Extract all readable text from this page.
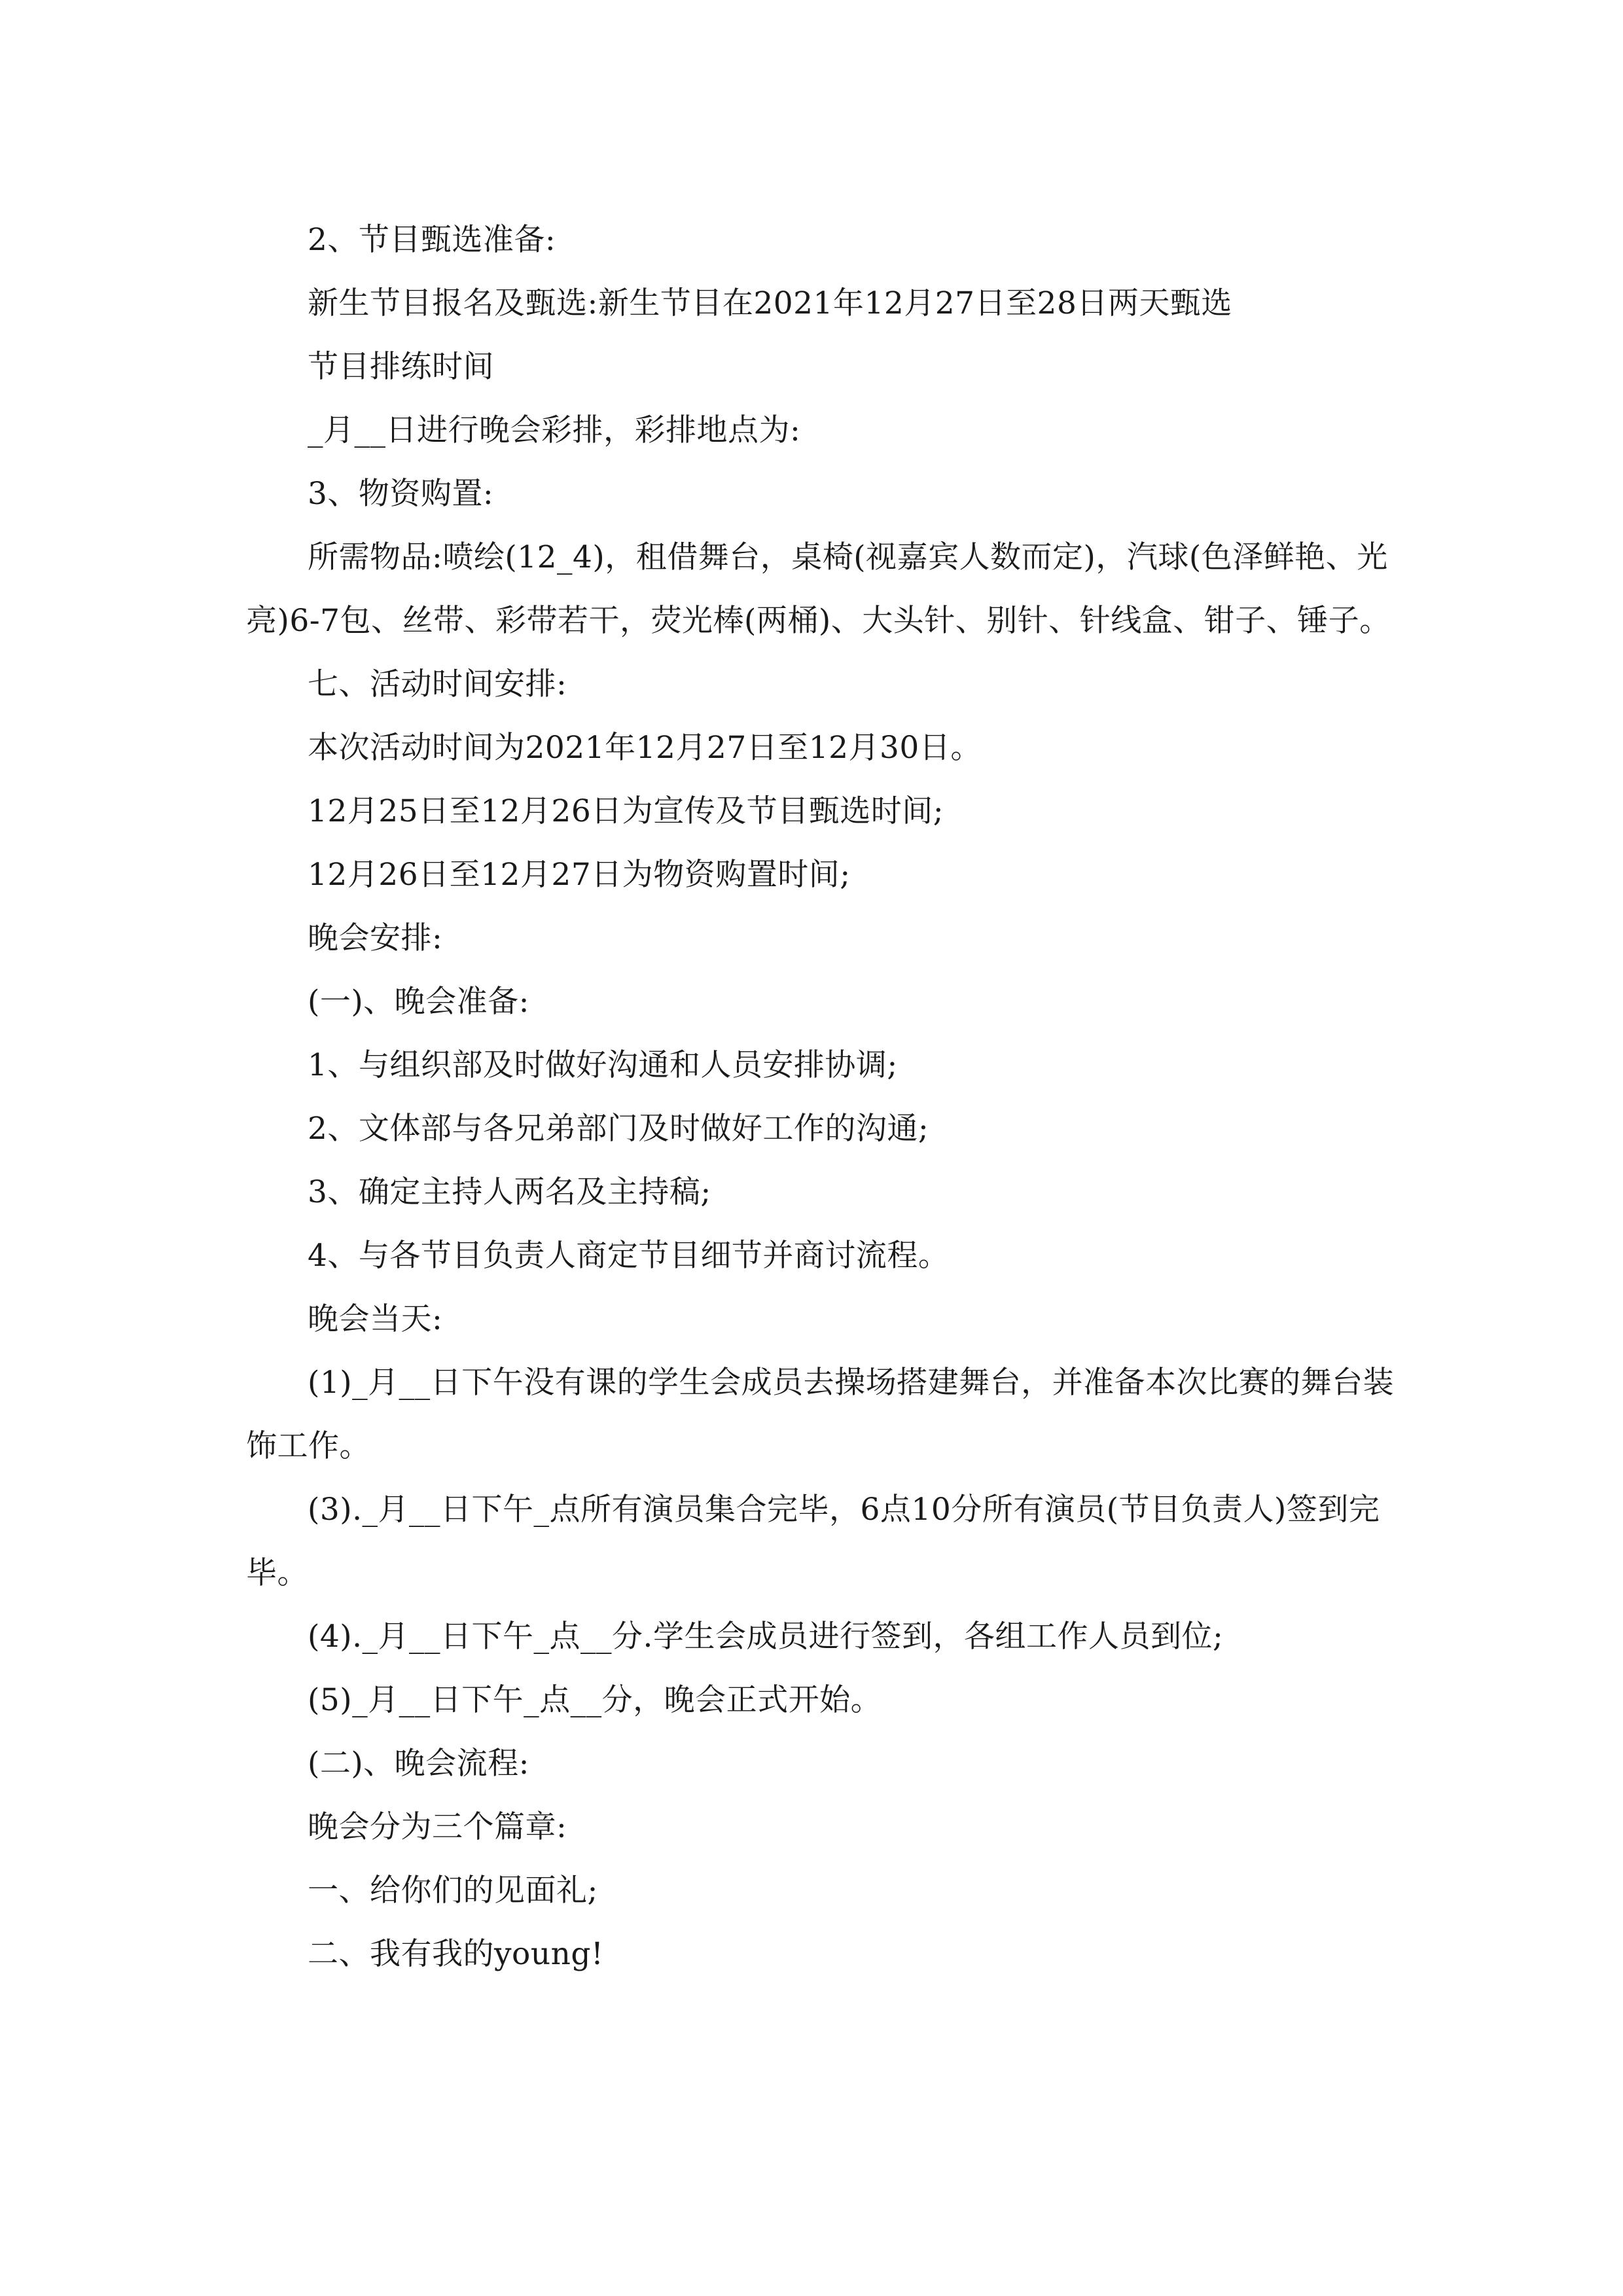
2、节目甄选准备:

新生节目报名及甄选:新生节目在2021年12月27日至28日两天甄选

节目排练时间

_月__日进行晚会彩排，彩排地点为:

3、物资购置:

所需物品:喷绘(12_4)，租借舞台，桌椅(视嘉宾人数而定)，汽球(色泽鲜艳、光亮)6-7包、丝带、彩带若干，荧光棒(两桶)、大头针、别针、针线盒、钳子、锤子。

七、活动时间安排:

本次活动时间为2021年12月27日至12月30日。

12月25日至12月26日为宣传及节目甄选时间;

12月26日至12月27日为物资购置时间;

晚会安排:

(一)、晚会准备:

1、与组织部及时做好沟通和人员安排协调;

2、文体部与各兄弟部门及时做好工作的沟通;

3、确定主持人两名及主持稿;

4、与各节目负责人商定节目细节并商讨流程。

晚会当天:

(1)_月__日下午没有课的学生会成员去操场搭建舞台，并准备本次比赛的舞台装饰工作。

(3)._月__日下午_点所有演员集合完毕，6点10分所有演员(节目负责人)签到完毕。

(4)._月__日下午_点__分.学生会成员进行签到，各组工作人员到位;

(5)_月__日下午_点__分，晚会正式开始。

(二)、晚会流程:

晚会分为三个篇章:

一、给你们的见面礼;

二、我有我的young!
